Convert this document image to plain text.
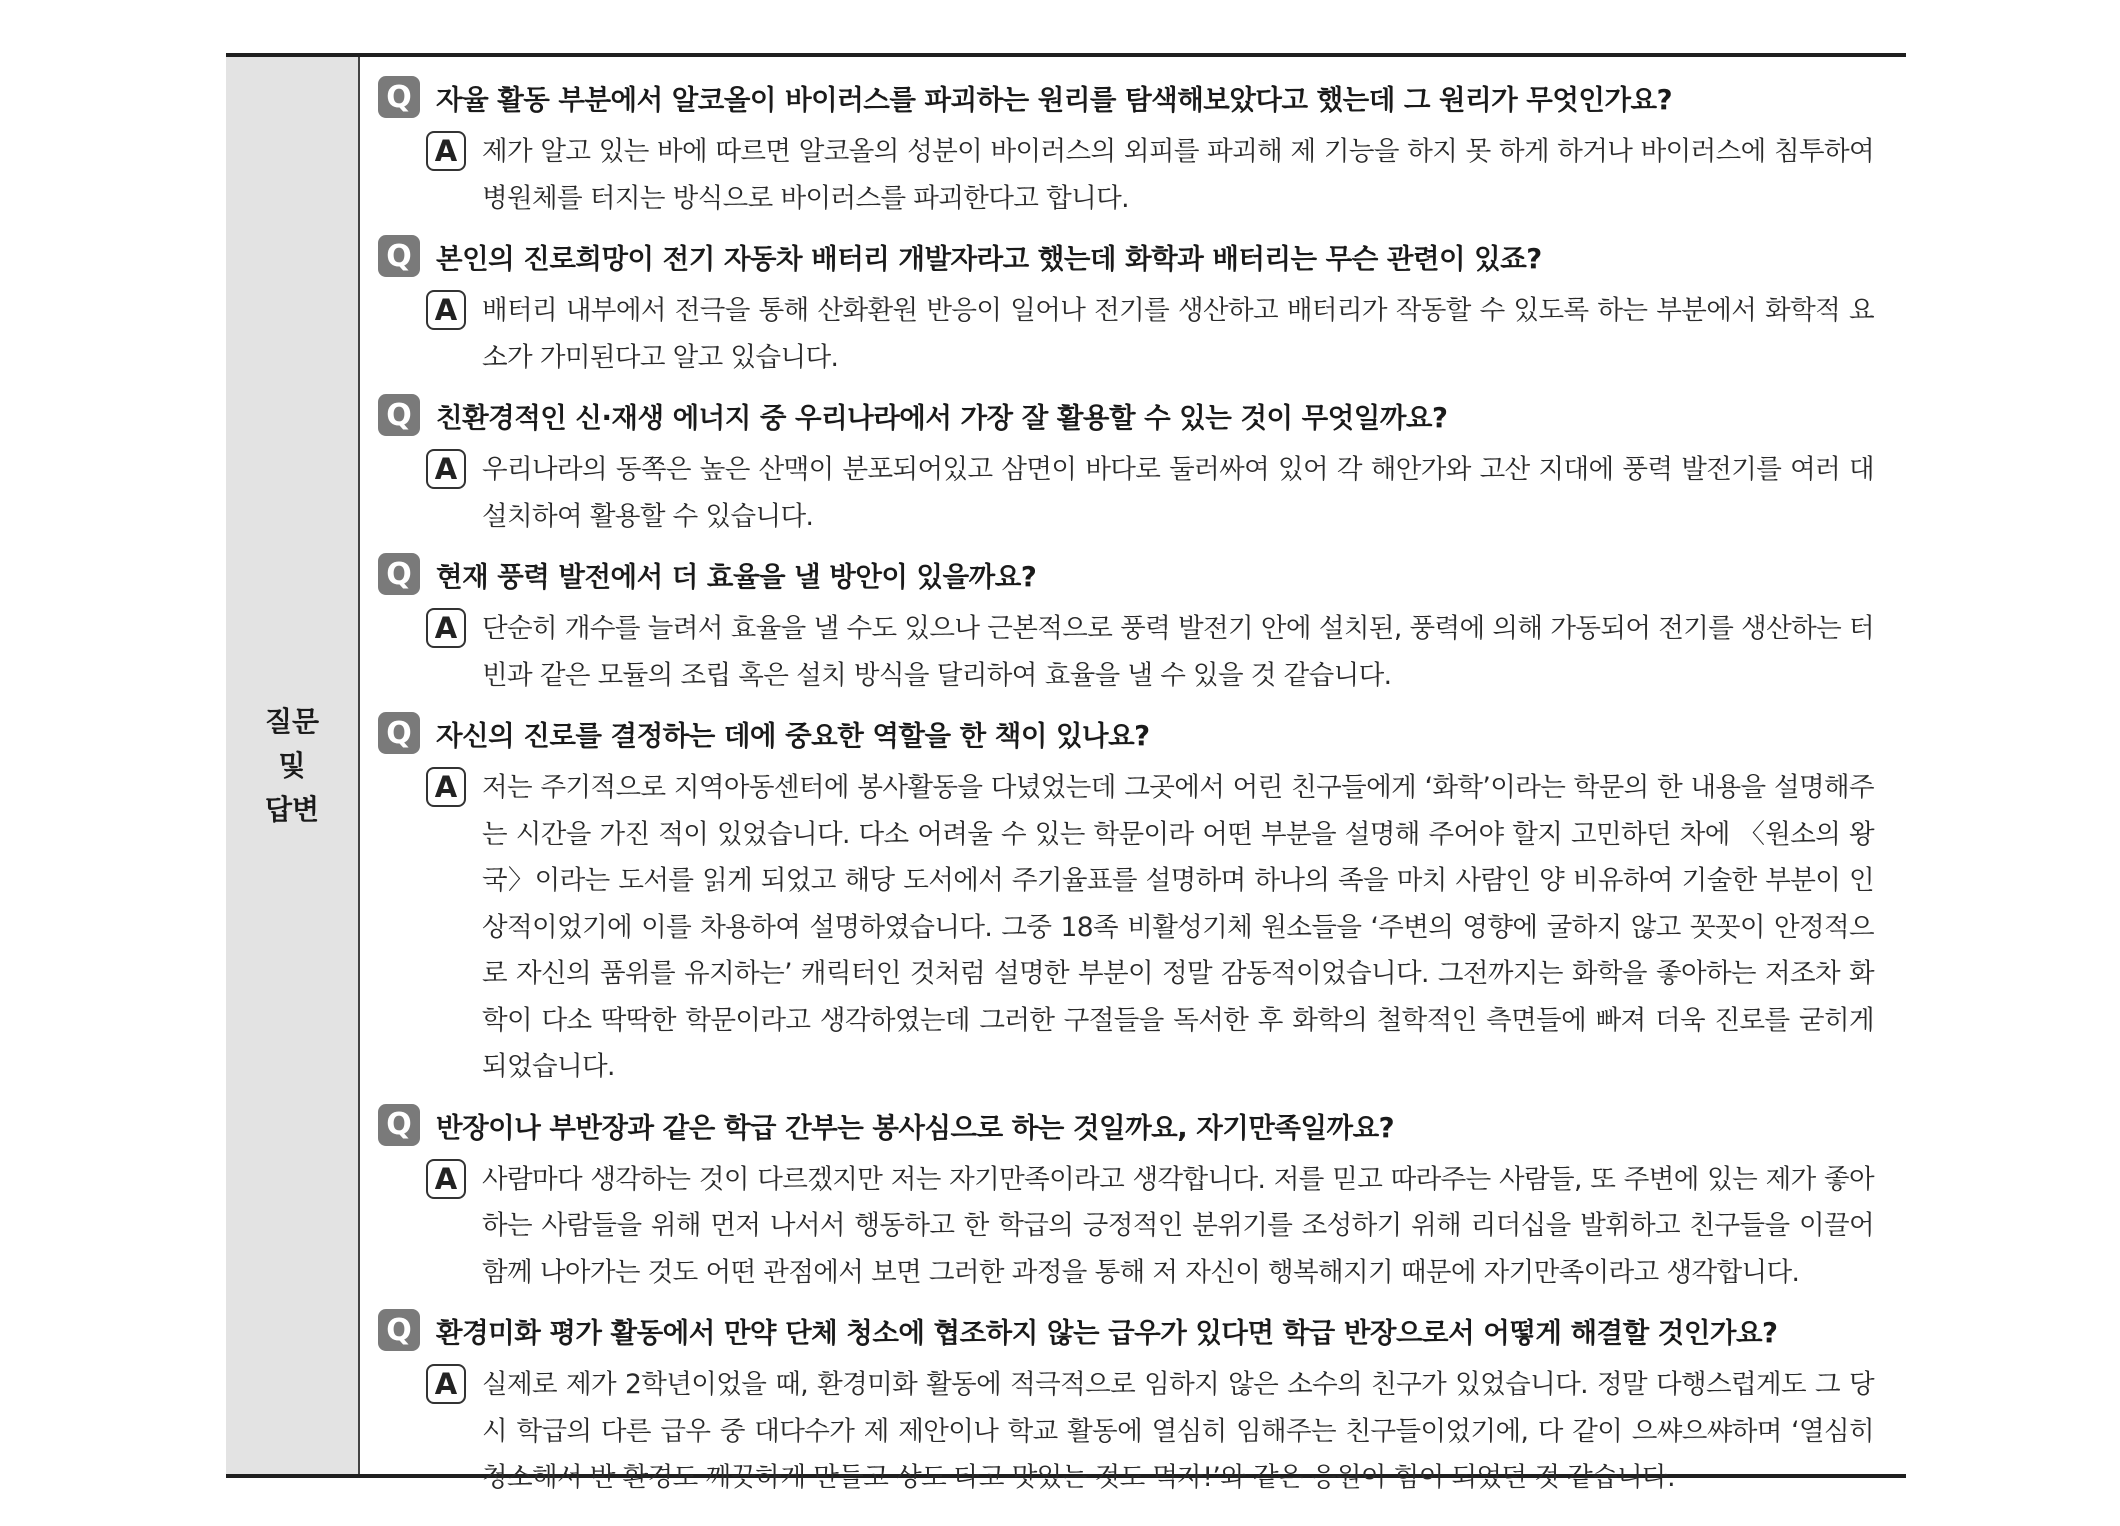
질문
및
답변
Q 자율 활동 부분에서 알코올이 바이러스를 파괴하는 원리를 탐색해보았다고 했는데 그 원리가 무엇인가요?
A 제가 알고 있는 바에 따르면 알코올의 성분이 바이러스의 외피를 파괴해 제 기능을 하지 못 하게 하거나 바이러스에 침투하여 병원체를 터지는 방식으로 바이러스를 파괴한다고 합니다.
Q 본인의 진로희망이 전기 자동차 배터리 개발자라고 했는데 화학과 배터리는 무슨 관련이 있죠?
A 배터리 내부에서 전극을 통해 산화환원 반응이 일어나 전기를 생산하고 배터리가 작동할 수 있도록 하는 부분에서 화학적 요소가 가미된다고 알고 있습니다.
Q 친환경적인 신·재생 에너지 중 우리나라에서 가장 잘 활용할 수 있는 것이 무엇일까요?
A 우리나라의 동쪽은 높은 산맥이 분포되어있고 삼면이 바다로 둘러싸여 있어 각 해안가와 고산 지대에 풍력 발전기를 여러 대 설치하여 활용할 수 있습니다.
Q 현재 풍력 발전에서 더 효율을 낼 방안이 있을까요?
A 단순히 개수를 늘려서 효율을 낼 수도 있으나 근본적으로 풍력 발전기 안에 설치된, 풍력에 의해 가동되어 전기를 생산하는 터빈과 같은 모듈의 조립 혹은 설치 방식을 달리하여 효율을 낼 수 있을 것 같습니다.
Q 자신의 진로를 결정하는 데에 중요한 역할을 한 책이 있나요?
A 저는 주기적으로 지역아동센터에 봉사활동을 다녔었는데 그곳에서 어린 친구들에게 ‘화학’이라는 학문의 한 내용을 설명해주는 시간을 가진 적이 있었습니다. 다소 어려울 수 있는 학문이라 어떤 부분을 설명해 주어야 할지 고민하던 차에 〈원소의 왕국〉이라는 도서를 읽게 되었고 해당 도서에서 주기율표를 설명하며 하나의 족을 마치 사람인 양 비유하여 기술한 부분이 인상적이었기에 이를 차용하여 설명하였습니다. 그중 18족 비활성기체 원소들을 ‘주변의 영향에 굴하지 않고 꼿꼿이 안정적으로 자신의 품위를 유지하는’ 캐릭터인 것처럼 설명한 부분이 정말 감동적이었습니다. 그전까지는 화학을 좋아하는 저조차 화학이 다소 딱딱한 학문이라고 생각하였는데 그러한 구절들을 독서한 후 화학의 철학적인 측면들에 빠져 더욱 진로를 굳히게 되었습니다.
Q 반장이나 부반장과 같은 학급 간부는 봉사심으로 하는 것일까요, 자기만족일까요?
A 사람마다 생각하는 것이 다르겠지만 저는 자기만족이라고 생각합니다. 저를 믿고 따라주는 사람들, 또 주변에 있는 제가 좋아하는 사람들을 위해 먼저 나서서 행동하고 한 학급의 긍정적인 분위기를 조성하기 위해 리더십을 발휘하고 친구들을 이끌어 함께 나아가는 것도 어떤 관점에서 보면 그러한 과정을 통해 저 자신이 행복해지기 때문에 자기만족이라고 생각합니다.
Q 환경미화 평가 활동에서 만약 단체 청소에 협조하지 않는 급우가 있다면 학급 반장으로서 어떻게 해결할 것인가요?
A 실제로 제가 2학년이었을 때, 환경미화 활동에 적극적으로 임하지 않은 소수의 친구가 있었습니다. 정말 다행스럽게도 그 당시 학급의 다른 급우 중 대다수가 제 제안이나 학교 활동에 열심히 임해주는 친구들이었기에, 다 같이 으쌰으쌰하며 ‘열심히 청소해서 반 환경도 깨끗하게 만들고 상도 타고 맛있는 것도 먹자!’와 같은 응원이 힘이 되었던 것 같습니다.
